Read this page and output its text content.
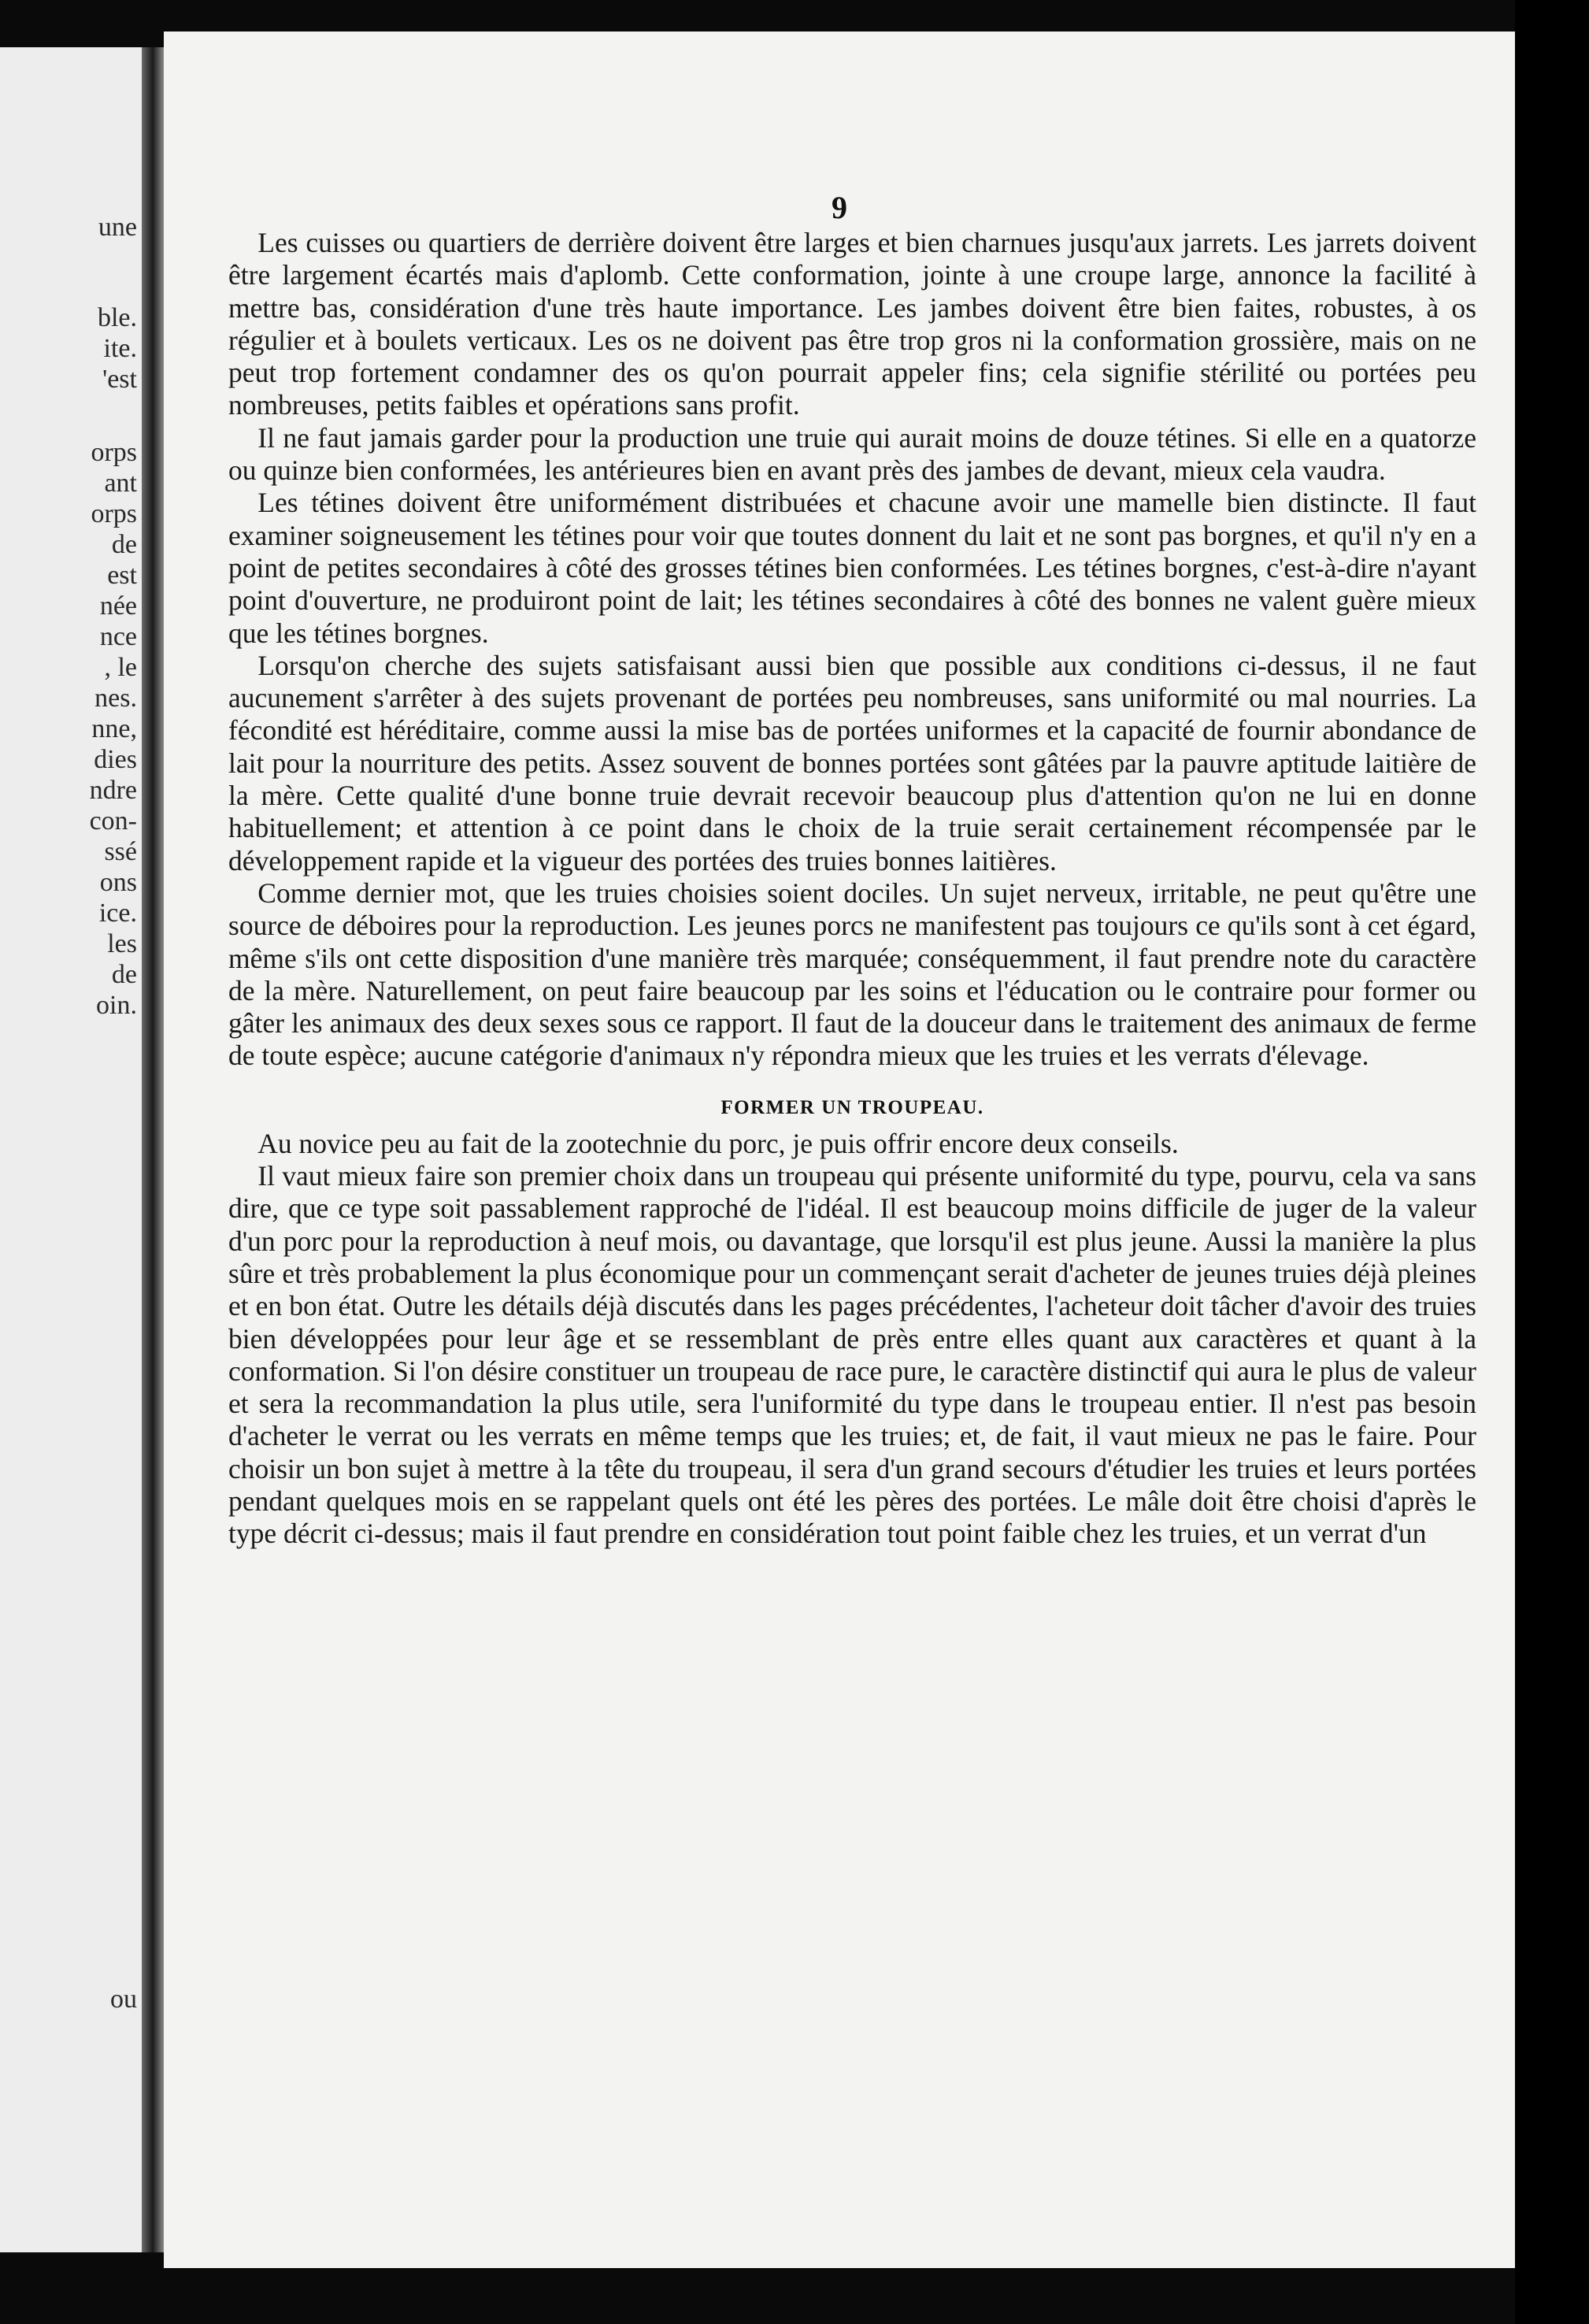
une
ble.
ite.
'est
orps
ant
orps
de
est
née
nce
, le
nes.
nne,
dies
ndre
con-
ssé
ons
ice.
les
de
oin.
ou
9

Les cuisses ou quartiers de derrière doivent être larges et bien charnues jusqu'aux jarrets. Les jarrets doivent être largement écartés mais d'aplomb. Cette conformation, jointe à une croupe large, annonce la facilité à mettre bas, considération d'une très haute importance. Les jambes doivent être bien faites, robustes, à os régulier et à boulets verticaux. Les os ne doivent pas être trop gros ni la conformation grossière, mais on ne peut trop fortement condamner des os qu'on pourrait appeler fins; cela signifie stérilité ou portées peu nombreuses, petits faibles et opérations sans profit.

Il ne faut jamais garder pour la production une truie qui aurait moins de douze tétines. Si elle en a quatorze ou quinze bien conformées, les antérieures bien en avant près des jambes de devant, mieux cela vaudra.

Les tétines doivent être uniformément distribuées et chacune avoir une mamelle bien distincte. Il faut examiner soigneusement les tétines pour voir que toutes donnent du lait et ne sont pas borgnes, et qu'il n'y en a point de petites secondaires à côté des grosses tétines bien conformées. Les tétines borgnes, c'est-à-dire n'ayant point d'ouverture, ne produiront point de lait; les tétines secondaires à côté des bonnes ne valent guère mieux que les tétines borgnes.

Lorsqu'on cherche des sujets satisfaisant aussi bien que possible aux conditions ci-dessus, il ne faut aucunement s'arrêter à des sujets provenant de portées peu nombreuses, sans uniformité ou mal nourries. La fécondité est héréditaire, comme aussi la mise bas de portées uniformes et la capacité de fournir abondance de lait pour la nourriture des petits. Assez souvent de bonnes portées sont gâtées par la pauvre aptitude laitière de la mère. Cette qualité d'une bonne truie devrait recevoir beaucoup plus d'attention qu'on ne lui en donne habituellement; et attention à ce point dans le choix de la truie serait certainement récompensée par le développement rapide et la vigueur des portées des truies bonnes laitières.

Comme dernier mot, que les truies choisies soient dociles. Un sujet nerveux, irritable, ne peut qu'être une source de déboires pour la reproduction. Les jeunes porcs ne manifestent pas toujours ce qu'ils sont à cet égard, même s'ils ont cette disposition d'une manière très marquée; conséquemment, il faut prendre note du caractère de la mère. Naturellement, on peut faire beaucoup par les soins et l'éducation ou le contraire pour former ou gâter les animaux des deux sexes sous ce rapport. Il faut de la douceur dans le traitement des animaux de ferme de toute espèce; aucune catégorie d'animaux n'y répondra mieux que les truies et les verrats d'élevage.

FORMER UN TROUPEAU.

Au novice peu au fait de la zootechnie du porc, je puis offrir encore deux conseils.

Il vaut mieux faire son premier choix dans un troupeau qui présente uniformité du type, pourvu, cela va sans dire, que ce type soit passablement rapproché de l'idéal. Il est beaucoup moins difficile de juger de la valeur d'un porc pour la reproduction à neuf mois, ou davantage, que lorsqu'il est plus jeune. Aussi la manière la plus sûre et très probablement la plus économique pour un commençant serait d'acheter de jeunes truies déjà pleines et en bon état. Outre les détails déjà discutés dans les pages précédentes, l'acheteur doit tâcher d'avoir des truies bien développées pour leur âge et se ressemblant de près entre elles quant aux caractères et quant à la conformation. Si l'on désire constituer un troupeau de race pure, le caractère distinctif qui aura le plus de valeur et sera la recommandation la plus utile, sera l'uniformité du type dans le troupeau entier. Il n'est pas besoin d'acheter le verrat ou les verrats en même temps que les truies; et, de fait, il vaut mieux ne pas le faire. Pour choisir un bon sujet à mettre à la tête du troupeau, il sera d'un grand secours d'étudier les truies et leurs portées pendant quelques mois en se rappelant quels ont été les pères des portées. Le mâle doit être choisi d'après le type décrit ci-dessus; mais il faut prendre en considération tout point faible chez les truies, et un verrat d'un
